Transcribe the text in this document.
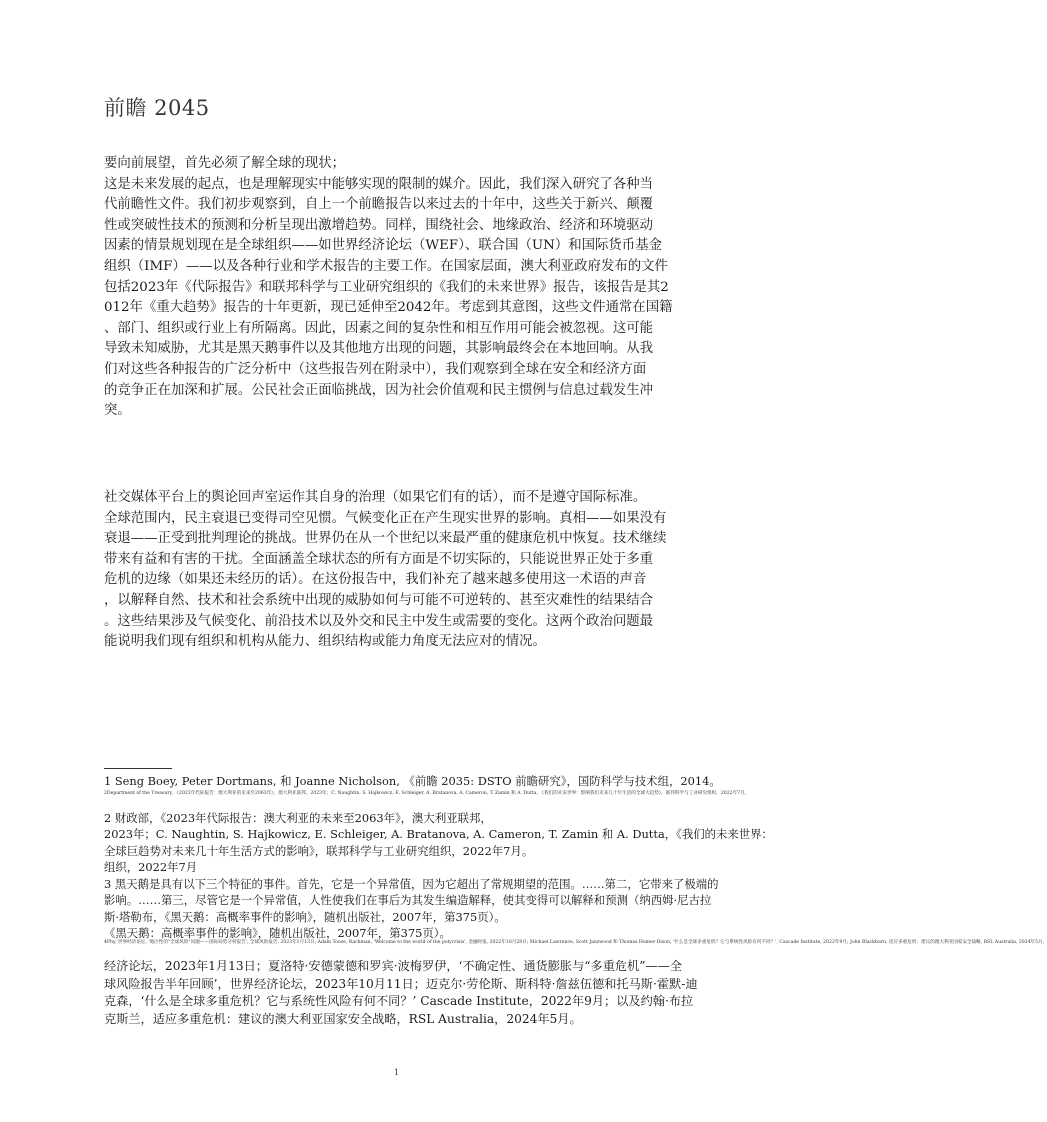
前瞻 2045
要向前展望，首先必须了解全球的现状；
这是未来发展的起点，也是理解现实中能够实现的限制的媒介。因此，我们深入研究了各种当
代前瞻性文件。我们初步观察到，自上一个前瞻报告以来过去的十年中，这些关于新兴、颠覆
性或突破性技术的预测和分析呈现出激增趋势。同样，围绕社会、地缘政治、经济和环境驱动
因素的情景规划现在是全球组织——如世界经济论坛（WEF）、联合国（UN）和国际货币基金
组织（IMF）——以及各种行业和学术报告的主要工作。在国家层面，澳大利亚政府发布的文件
包括2023年《代际报告》和联邦科学与工业研究组织的《我们的未来世界》报告，该报告是其2
012年《重大趋势》报告的十年更新，现已延伸至2042年。考虑到其意图，这些文件通常在国籍
、部门、组织或行业上有所隔离。因此，因素之间的复杂性和相互作用可能会被忽视。这可能
导致未知威胁，尤其是黑天鹅事件以及其他地方出现的问题，其影响最终会在本地回响。从我
们对这些各种报告的广泛分析中（这些报告列在附录中），我们观察到全球在安全和经济方面
的竞争正在加深和扩展。公民社会正面临挑战，因为社会价值观和民主惯例与信息过载发生冲
突。
社交媒体平台上的舆论回声室运作其自身的治理（如果它们有的话），而不是遵守国际标准。
全球范围内，民主衰退已变得司空见惯。气候变化正在产生现实世界的影响。真相——如果没有
衰退——正受到批判理论的挑战。世界仍在从一个世纪以来最严重的健康危机中恢复。技术继续
带来有益和有害的干扰。全面涵盖全球状态的所有方面是不切实际的，只能说世界正处于多重
危机的边缘（如果还未经历的话）。在这份报告中，我们补充了越来越多使用这一术语的声音
，以解释自然、技术和社会系统中出现的威胁如何与可能不可逆转的、甚至灾难性的结果结合
。这些结果涉及气候变化、前沿技术以及外交和民主中发生或需要的变化。这两个政治问题最
能说明我们现有组织和机构从能力、组织结构或能力角度无法应对的情况。
1 Seng Boey, Peter Dortmans, 和 Joanne Nicholson, 《前瞻 2035: DSTO 前瞻研究》，国防科学与技术组，2014。
2Department of the Treasury, 《2023年代际报告：澳大利亚的未来至2063年》，澳大利亚联邦，2023年；C. Naughtin, S. Hajkowicz, E. Schleiger, A. Bratanova, A. Cameron, T. Zamin 和 A. Dutta, 《我们的未来世界：影响我们未来几十年生活的全球大趋势》，联邦科学与工业研究组织，2022年7月。
2 财政部，《2023年代际报告：澳大利亚的未来至2063年》，澳大利亚联邦，
2023年；C. Naughtin, S. Hajkowicz, E. Schleiger, A. Bratanova, A. Cameron, T. Zamin 和 A. Dutta，《我们的未来世界：
全球巨趋势对未来几十年生活方式的影响》，联邦科学与工业研究组织，2022年7月。
组织，2022年7月
3 黑天鹅是具有以下三个特征的事件。首先，它是一个异常值，因为它超出了常规期望的范围。……第二，它带来了极端的
影响。……第三，尽管它是一个异常值，人性使我们在事后为其发生编造解释，使其变得可以解释和预测（纳西姆·尼古拉
斯·塔勒布，《黑天鹅：高概率事件的影响》，随机出版社，2007年，第375页）。
《黑天鹅：高概率事件的影响》，随机出版社，2007年，第375页）。
4Phy, 世界经济论坛, '地区性的"全球风险"问题——国际局势分析报告', 全球风险报告, 2023年1月13日; Adam Tooze, Rachman, 'Welcome to the world of the polycrisis', 金融时报, 2022年10月28日; Michael Lawrence, Scott Janzwood 和 Thomas Homer-Dixon, '什么是全球多重危机？它与系统性风险有何不同？', Cascade Institute, 2022年9月; John Blackburn, 适应多重危机：建议的澳大利亚国家安全战略, RSL Australia, 2024年5月。
经济论坛，2023年1月13日；夏洛特·安德蒙德和罗宾·波梅罗伊，‘不确定性、通货膨胀与“多重危机”——全
球风险报告半年回顾’，世界经济论坛，2023年10月11日；迈克尔·劳伦斯、斯科特·詹兹伍德和托马斯·霍默-迪
克森，‘什么是全球多重危机？它与系统性风险有何不同？’ Cascade Institute，2022年9月；以及约翰·布拉
克斯兰，适应多重危机：建议的澳大利亚国家安全战略，RSL Australia，2024年5月。
1
